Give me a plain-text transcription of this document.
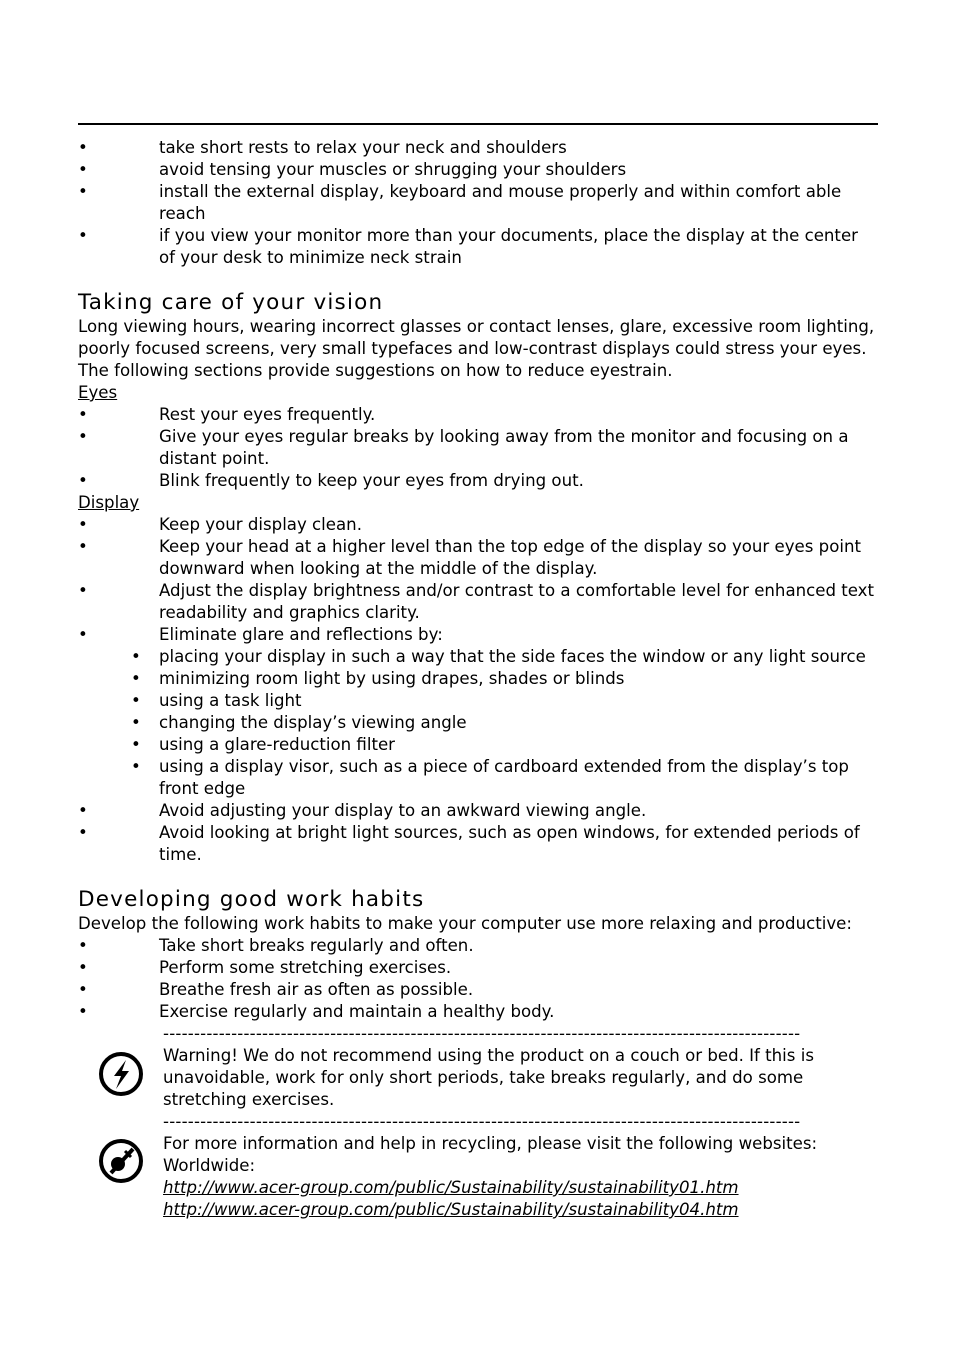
•	take short rests to relax your neck and shoulders
•	avoid tensing your muscles or shrugging your shoulders
•	install the external display, keyboard and mouse properly and within comfort able reach
•	if you view your monitor more than your documents, place the display at the center of your desk to minimize neck strain
Taking care of your vision
Long viewing hours, wearing incorrect glasses or contact lenses, glare, excessive room lighting, poorly focused screens, very small typefaces and low-contrast displays could stress your eyes. The following sections provide suggestions on how to reduce eyestrain.
Eyes
•	Rest your eyes frequently.
•	Give your eyes regular breaks by looking away from the monitor and focusing on a distant point.
•	Blink frequently to keep your eyes from drying out.
Display
•	Keep your display clean.
•	Keep your head at a higher level than the top edge of the display so your eyes point downward when looking at the middle of the display.
•	Adjust the display brightness and/or contrast to a comfortable level for enhanced text readability and graphics clarity.
•	Eliminate glare and reflections by:
• placing your display in such a way that the side faces the window or any light source
• minimizing room light by using drapes, shades or blinds
• using a task light
• changing the display’s viewing angle
• using a glare-reduction filter
• using a display visor, such as a piece of cardboard extended from the display’s top front edge
•	Avoid adjusting your display to an awkward viewing angle.
•	Avoid looking at bright light sources, such as open windows, for extended periods of time.
Developing good work habits
Develop the following work habits to make your computer use more relaxing and productive:
•	Take short breaks regularly and often.
•	Perform some stretching exercises.
•	Breathe fresh air as often as possible.
•	Exercise regularly and maintain a healthy body.
-------------------------------------------------------------------------------------------------------
Warning! We do not recommend using the product on a couch or bed. If this is unavoidable, work for only short periods, take breaks regularly, and do some stretching exercises.
-------------------------------------------------------------------------------------------------------
For more information and help in recycling, please visit the following websites:
Worldwide:
http://www.acer-group.com/public/Sustainability/sustainability01.htm
http://www.acer-group.com/public/Sustainability/sustainability04.htm
